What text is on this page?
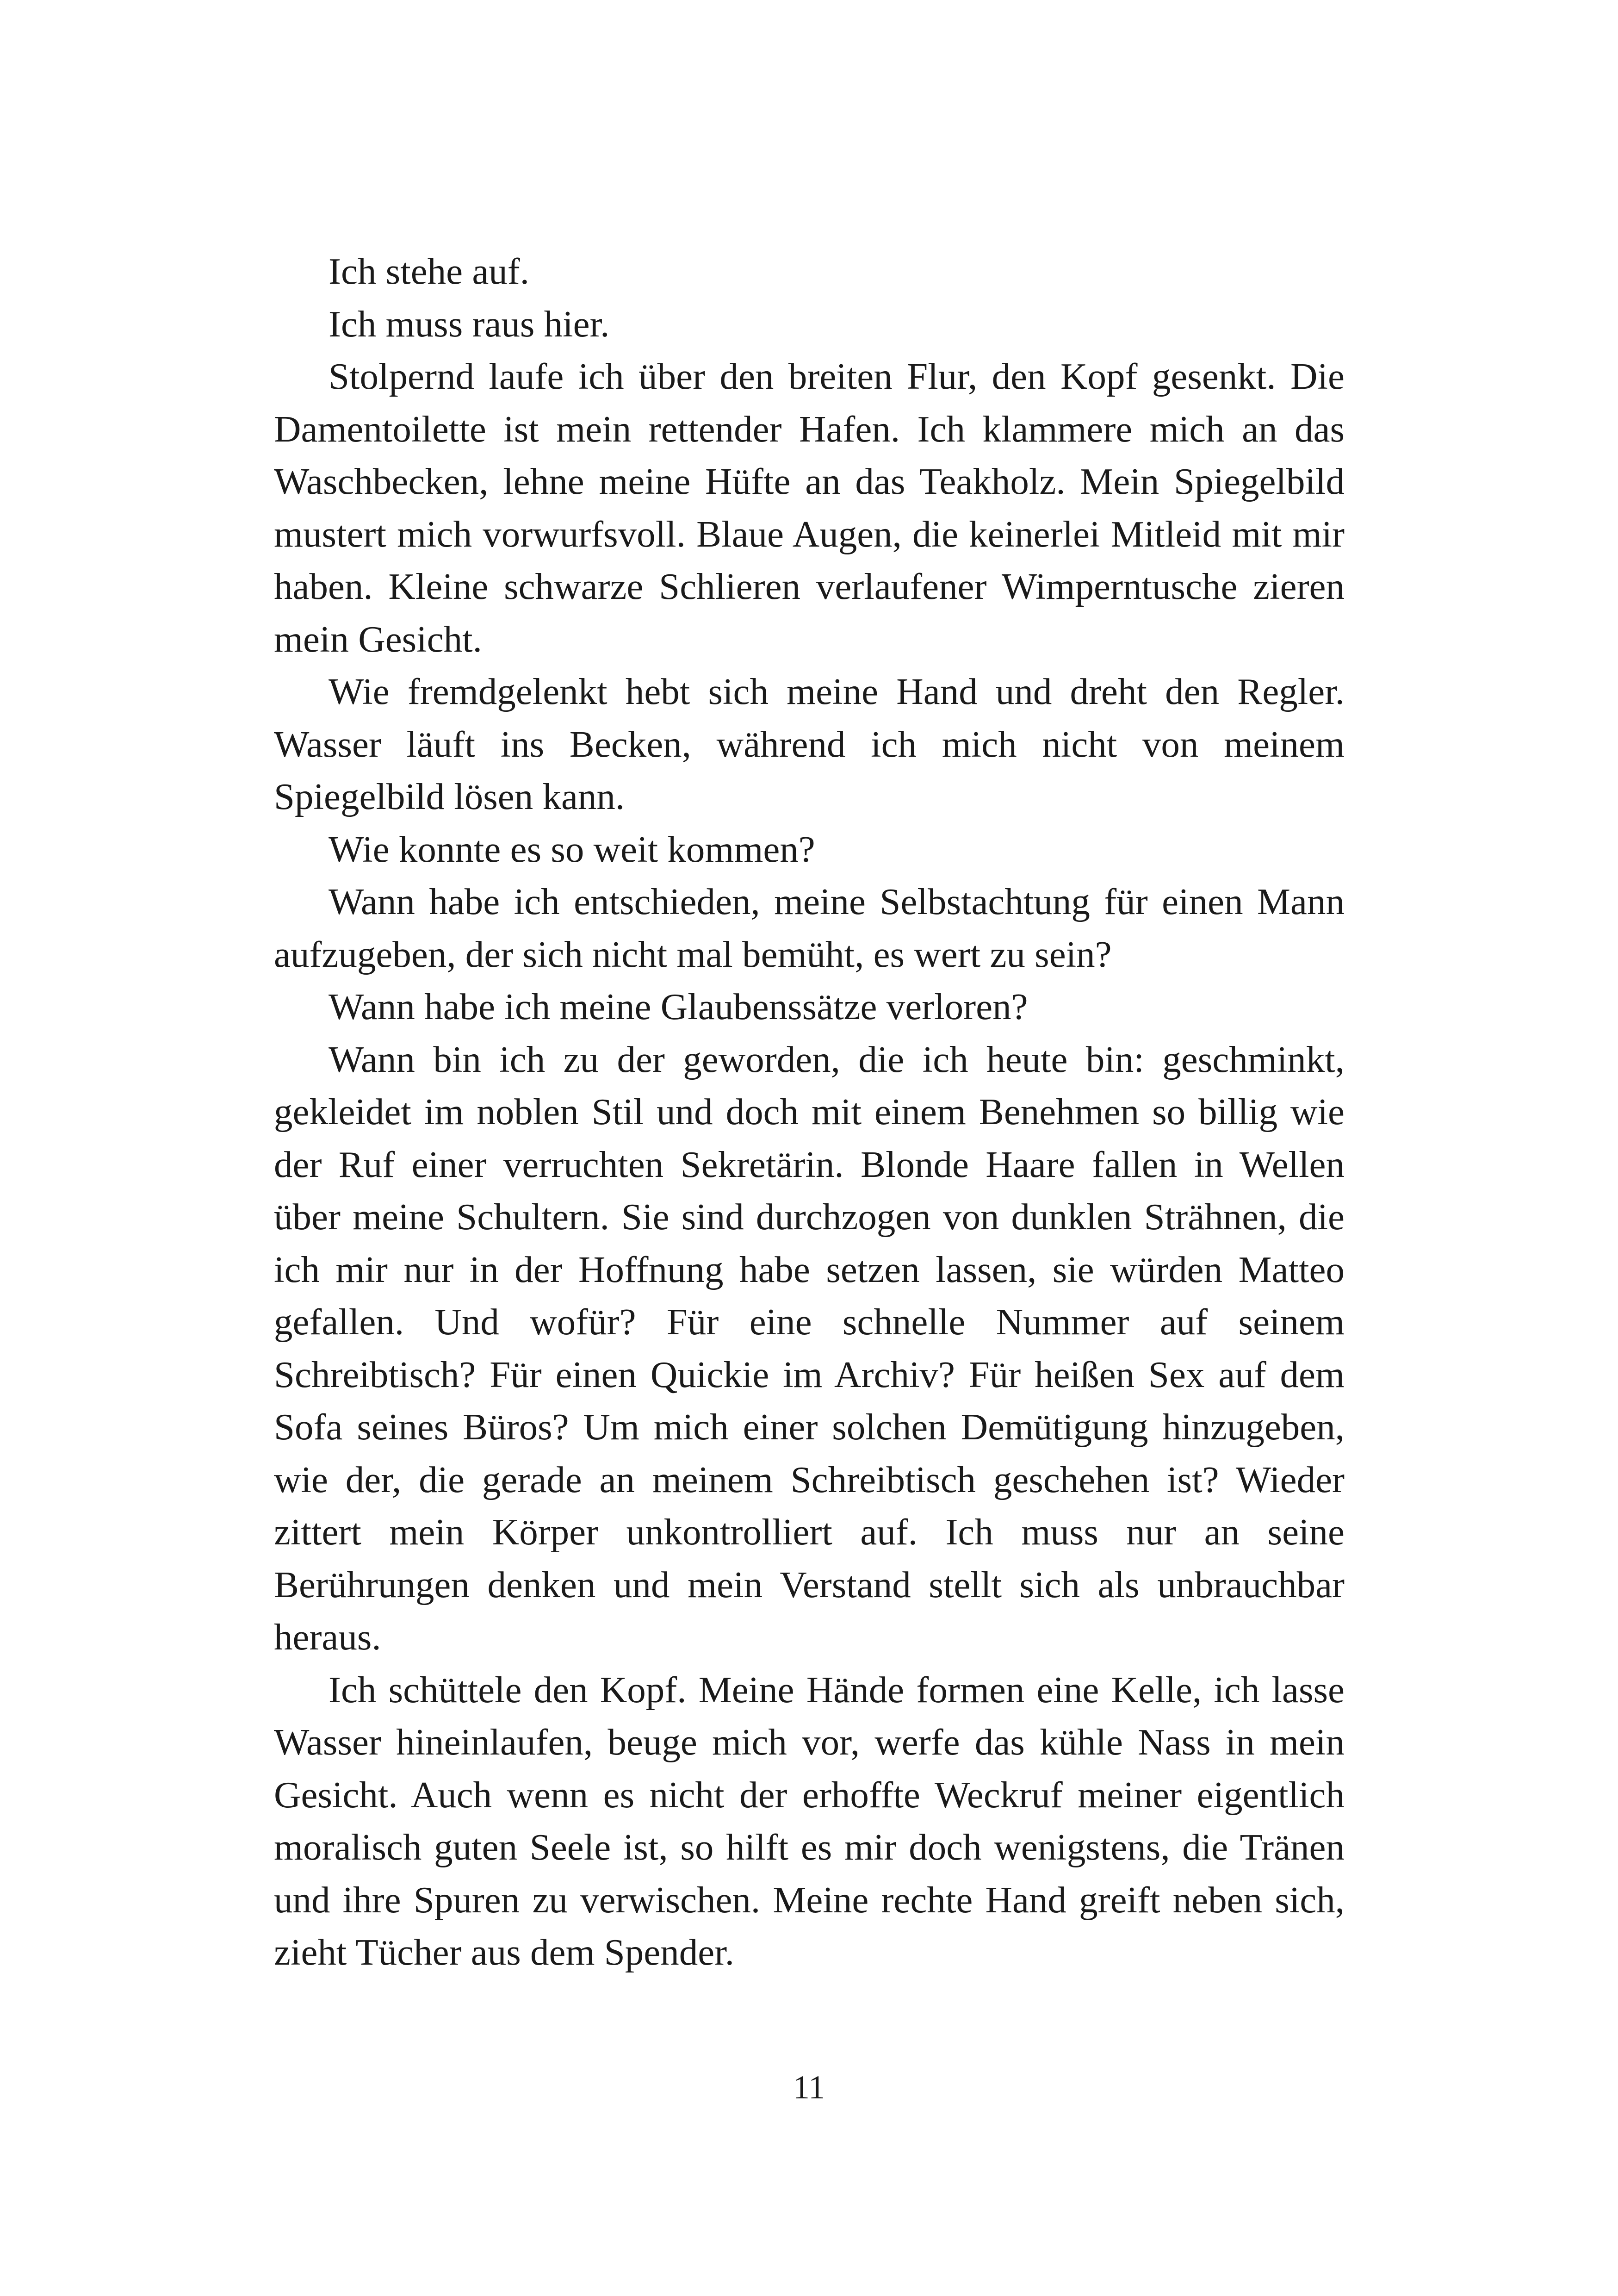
Ich stehe auf.

Ich muss raus hier.

Stolpernd laufe ich über den breiten Flur, den Kopf gesenkt. Die Damentoilette ist mein rettender Hafen. Ich klammere mich an das Waschbecken, lehne meine Hüfte an das Teakholz. Mein Spiegelbild mustert mich vorwurfsvoll. Blaue Augen, die keinerlei Mitleid mit mir haben. Kleine schwarze Schlieren verlaufener Wimperntusche zieren mein Gesicht.

Wie fremdgelenkt hebt sich meine Hand und dreht den Regler. Wasser läuft ins Becken, während ich mich nicht von meinem Spiegelbild lösen kann.

Wie konnte es so weit kommen?

Wann habe ich entschieden, meine Selbstachtung für einen Mann aufzugeben, der sich nicht mal bemüht, es wert zu sein?

Wann habe ich meine Glaubenssätze verloren?

Wann bin ich zu der geworden, die ich heute bin: geschminkt, gekleidet im noblen Stil und doch mit einem Benehmen so billig wie der Ruf einer verruchten Sekretärin. Blonde Haare fallen in Wellen über meine Schultern. Sie sind durchzogen von dunklen Strähnen, die ich mir nur in der Hoffnung habe setzen lassen, sie würden Matteo gefallen. Und wofür? Für eine schnelle Nummer auf seinem Schreibtisch? Für einen Quickie im Archiv? Für heißen Sex auf dem Sofa seines Büros? Um mich einer solchen Demütigung hinzugeben, wie der, die gerade an meinem Schreibtisch geschehen ist? Wieder zittert mein Körper unkontrolliert auf. Ich muss nur an seine Berührungen denken und mein Verstand stellt sich als unbrauchbar heraus.

Ich schüttele den Kopf. Meine Hände formen eine Kelle, ich lasse Wasser hineinlaufen, beuge mich vor, werfe das kühle Nass in mein Gesicht. Auch wenn es nicht der erhoffte Weckruf meiner eigentlich moralisch guten Seele ist, so hilft es mir doch wenigstens, die Tränen und ihre Spuren zu verwischen. Meine rechte Hand greift neben sich, zieht Tücher aus dem Spender.

11
